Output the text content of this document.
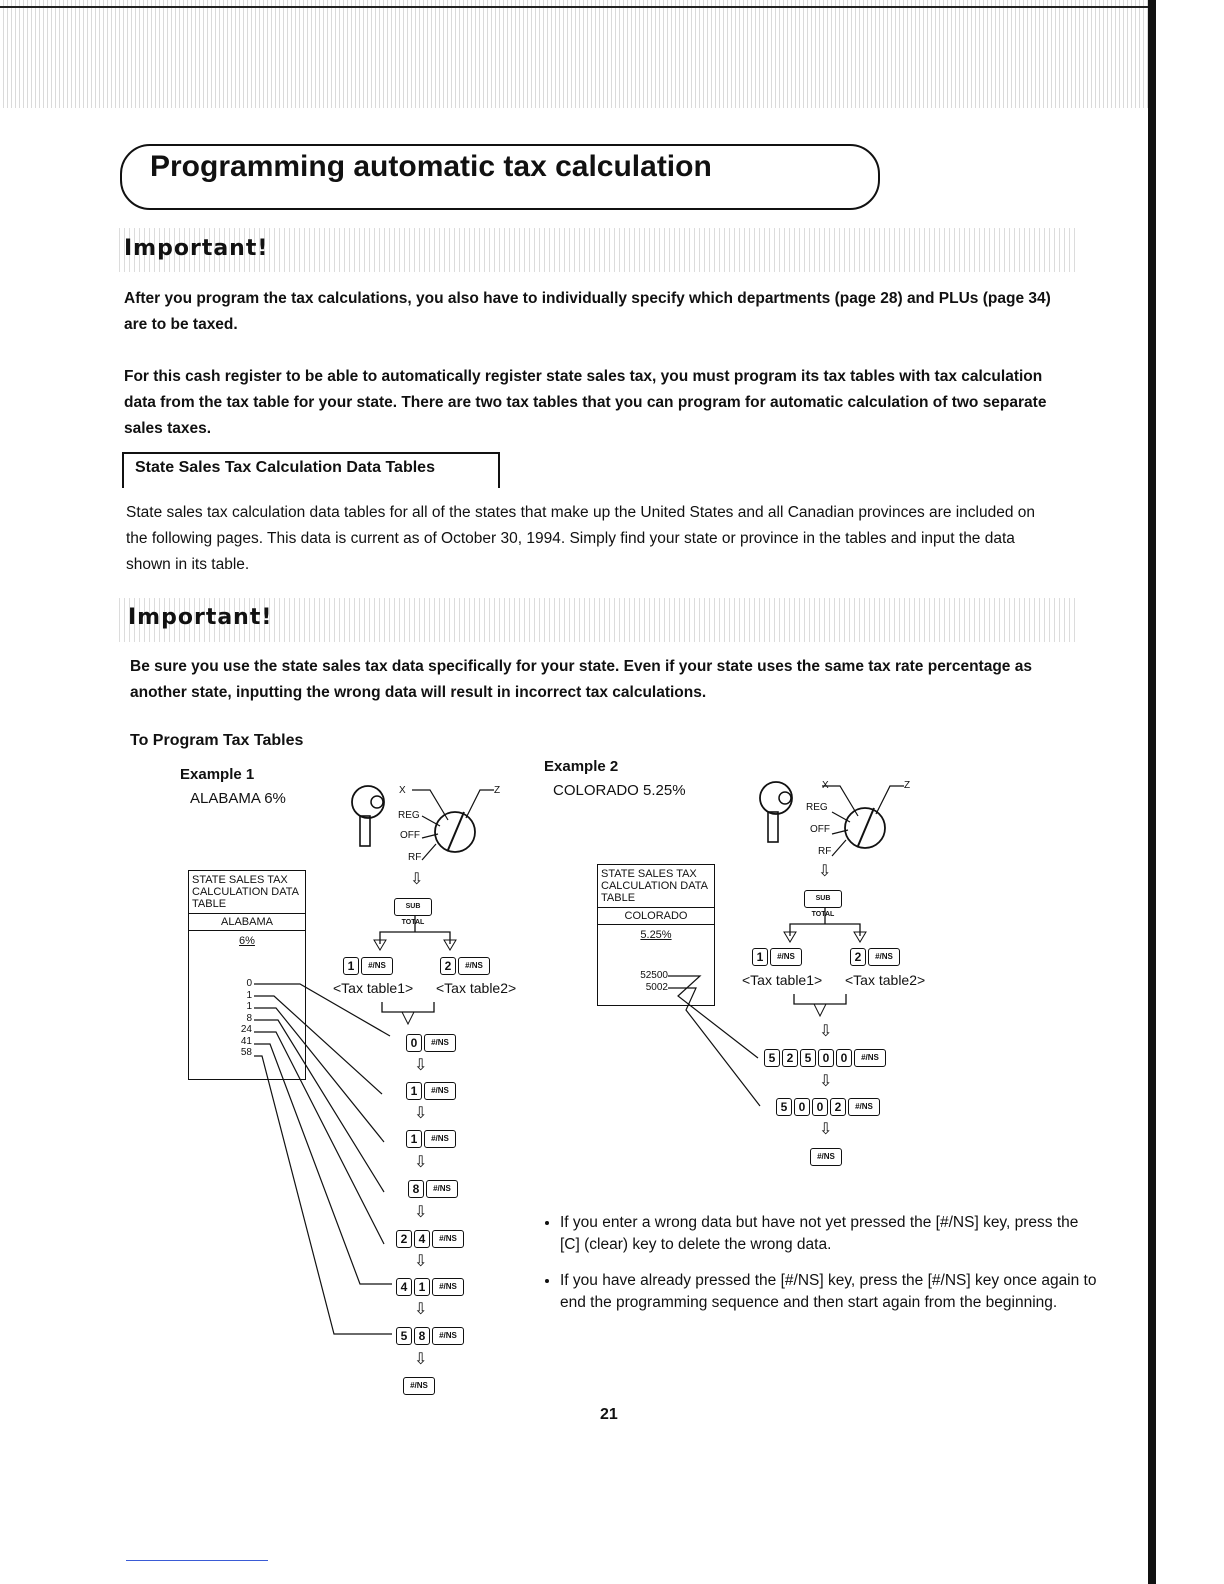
Programming automatic tax calculation
Important!
After you program the tax calculations, you also have to individually specify which departments (page 28) and PLUs (page 34) are to be taxed.
For this cash register to be able to automatically register state sales tax, you must program its tax tables with tax calculation data from the tax table for your state. There are two tax tables that you can program for automatic calculation of two separate sales taxes.
State Sales Tax Calculation Data Tables
State sales tax calculation data tables for all of the states that make up the United States and all Canadian provinces are included on the following pages. This data is current as of October 30, 1994. Simply find your state or province in the tables and input the data shown in its table.
Important!
Be sure you use the state sales tax data specifically for your state. Even if your state uses the same tax rate percentage as another state, inputting the wrong data will result in incorrect tax calculations.
To Program Tax Tables
Example 1
ALABAMA 6%	X	Z
REG
OFF
RF
STATE SALES TAX CALCULATION DATA TABLE
ALABAMA
6%
0
1
1
8
24
41
58
⇩
SUB TOTAL
1 #/NS	2 #/NS
<Tax table1> <Tax table2>
0 #/NS
⇩
1 #/NS
⇩
1 #/NS
⇩
8 #/NS
⇩
2 4 #/NS
⇩
4 1 #/NS
⇩
5 8 #/NS
⇩
#/NS
Example 2
COLORADO 5.25%	X	Z
REG
OFF
RF
STATE SALES TAX CALCULATION DATA TABLE
COLORADO
5.25%
52500
5002
⇩
SUB TOTAL
1 #/NS	2 #/NS
<Tax table1> <Tax table2>
⇩
5 2 5 0 0 #/NS
⇩
5 0 0 2 #/NS
⇩
#/NS
• If you enter a wrong data but have not yet pressed the [#/NS] key, press the [C] (clear) key to delete the wrong data.
• If you have already pressed the [#/NS] key, press the [#/NS] key once again to end the programming sequence and then start again from the beginning.
21
